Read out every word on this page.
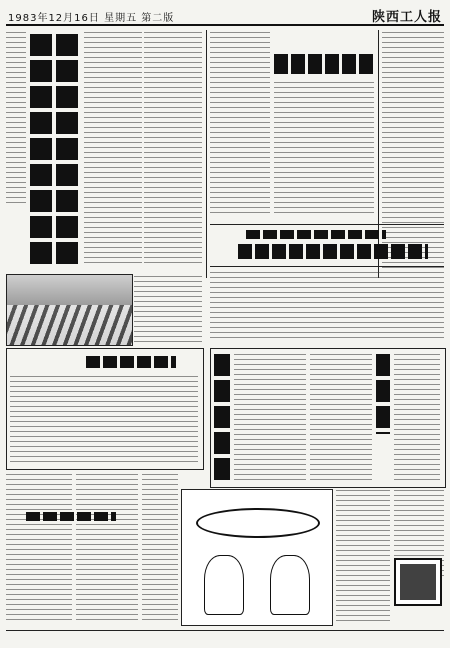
1983年12月16日 星期五 第二版	陕西工人报
